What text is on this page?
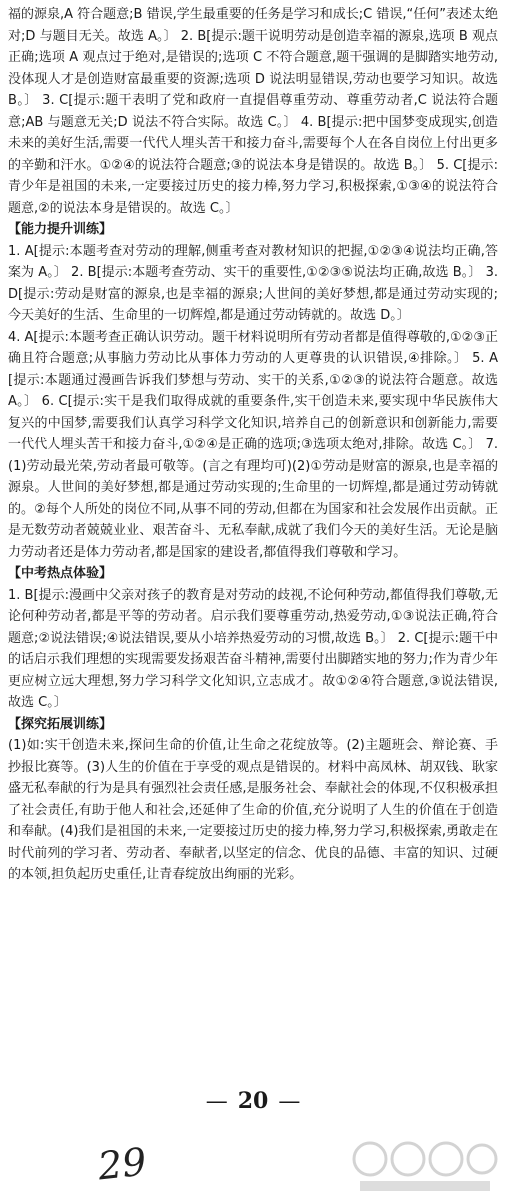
福的源泉,A 符合题意;B 错误,学生最重要的任务是学习和成长;C 错误,“任何”表述太绝对;D 与题目无关。故选 A。〕 2. B[提示:题干说明劳动是创造幸福的源泉,选项 B 观点正确;选项 A 观点过于绝对,是错误的;选项 C 不符合题意,题干强调的是脚踏实地劳动,没体现人才是创造财富最重要的资源;选项 D 说法明显错误,劳动也要学习知识。故选 B。〕 3. C[提示:题干表明了党和政府一直提倡尊重劳动、尊重劳动者,C 说法符合题意;AB 与题意无关;D 说法不符合实际。故选 C。〕 4. B[提示:把中国梦变成现实,创造未来的美好生活,需要一代代人埋头苦干和接力奋斗,需要每个人在各自岗位上付出更多的辛勤和汗水。①②④的说法符合题意;③的说法本身是错误的。故选 B。〕 5. C[提示:青少年是祖国的未来,一定要接过历史的接力棒,努力学习,积极探索,①③④的说法符合题意,②的说法本身是错误的。故选 C。〕

【能力提升训练】

1. A[提示:本题考查对劳动的理解,侧重考查对教材知识的把握,①②③④说法均正确,答案为 A。〕 2. B[提示:本题考查劳动、实干的重要性,①②③⑤说法均正确,故选 B。〕 3. D[提示:劳动是财富的源泉,也是幸福的源泉;人世间的美好梦想,都是通过劳动实现的;今天美好的生活、生命里的一切辉煌,都是通过劳动铸就的。故选 D。〕

4. A[提示:本题考查正确认识劳动。题干材料说明所有劳动者都是值得尊敬的,①②③正确且符合题意;从事脑力劳动比从事体力劳动的人更尊贵的认识错误,④排除。〕 5. A[提示:本题通过漫画告诉我们梦想与劳动、实干的关系,①②③的说法符合题意。故选 A。〕 6. C[提示:实干是我们取得成就的重要条件,实干创造未来,要实现中华民族伟大复兴的中国梦,需要我们认真学习科学文化知识,培养自己的创新意识和创新能力,需要一代代人埋头苦干和接力奋斗,①②④是正确的选项;③选项太绝对,排除。故选 C。〕 7. (1)劳动最光荣,劳动者最可敬等。(言之有理均可)(2)①劳动是财富的源泉,也是幸福的源泉。人世间的美好梦想,都是通过劳动实现的;生命里的一切辉煌,都是通过劳动铸就的。②每个人所处的岗位不同,从事不同的劳动,但都在为国家和社会发展作出贡献。正是无数劳动者兢兢业业、艰苦奋斗、无私奉献,成就了我们今天的美好生活。无论是脑力劳动者还是体力劳动者,都是国家的建设者,都值得我们尊敬和学习。

【中考热点体验】

1. B[提示:漫画中父亲对孩子的教育是对劳动的歧视,不论何种劳动,都值得我们尊敬,无论何种劳动者,都是平等的劳动者。启示我们要尊重劳动,热爱劳动,①③说法正确,符合题意;②说法错误;④说法错误,要从小培养热爱劳动的习惯,故选 B。〕 2. C[提示:题干中的话启示我们理想的实现需要发扬艰苦奋斗精神,需要付出脚踏实地的努力;作为青少年更应树立远大理想,努力学习科学文化知识,立志成才。故①②④符合题意,③说法错误,故选 C。〕

【探究拓展训练】

(1)如:实干创造未来,探问生命的价值,让生命之花绽放等。(2)主题班会、辩论赛、手抄报比赛等。(3)人生的价值在于享受的观点是错误的。材料中高凤林、胡双钱、耿家盛无私奉献的行为是具有强烈社会责任感,是服务社会、奉献社会的体现,不仅积极承担了社会责任,有助于他人和社会,还延伸了生命的价值,充分说明了人生的价值在于创造和奉献。(4)我们是祖国的未来,一定要接过历史的接力棒,努力学习,积极探索,勇敢走在时代前列的学习者、劳动者、奉献者,以坚定的信念、优良的品德、丰富的知识、过硬的本领,担负起历史重任,让青春绽放出绚丽的光彩。

— 20 —
29
